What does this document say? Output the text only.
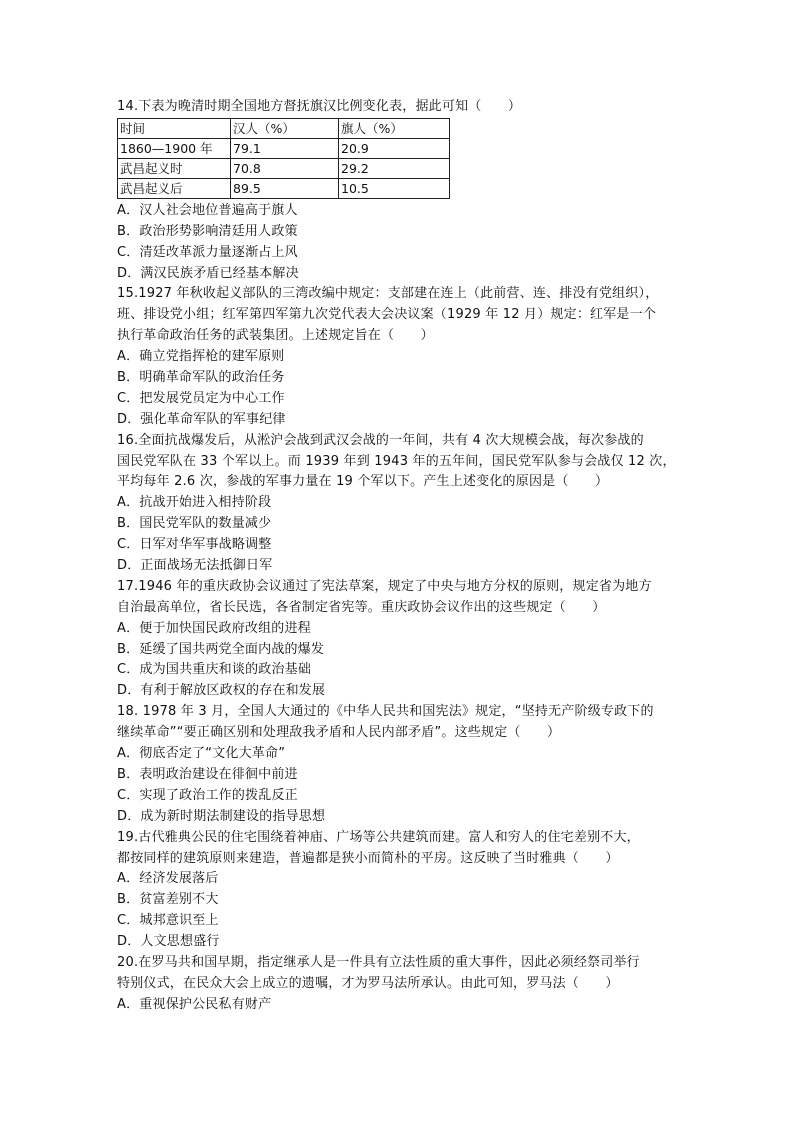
14.下表为晚清时期全国地方督抚旗汉比例变化表，据此可知（　　）
时间	汉人（%）	旗人（%）
1860—1900 年	79.1	20.9
武昌起义时	70.8	29.2
武昌起义后	89.5	10.5
A．汉人社会地位普遍高于旗人
B．政治形势影响清廷用人政策
C．清廷改革派力量逐渐占上风
D．满汉民族矛盾已经基本解决
15.1927 年秋收起义部队的三湾改编中规定：支部建在连上（此前营、连、排没有党组织），
班、排设党小组；红军第四军第九次党代表大会决议案（1929 年 12 月）规定：红军是一个
执行革命政治任务的武装集团。上述规定旨在（　　）
A．确立党指挥枪的建军原则
B．明确革命军队的政治任务
C．把发展党员定为中心工作
D．强化革命军队的军事纪律
16.全面抗战爆发后，从淞沪会战到武汉会战的一年间，共有 4 次大规模会战，每次参战的
国民党军队在 33 个军以上。而 1939 年到 1943 年的五年间，国民党军队参与会战仅 12 次，
平均每年 2.6 次，参战的军事力量在 19 个军以下。产生上述变化的原因是（　　）
A．抗战开始进入相持阶段
B．国民党军队的数量减少
C．日军对华军事战略调整
D．正面战场无法抵御日军
17.1946 年的重庆政协会议通过了宪法草案，规定了中央与地方分权的原则，规定省为地方
自治最高单位，省长民选，各省制定省宪等。重庆政协会议作出的这些规定（　　）
A．便于加快国民政府改组的进程
B．延缓了国共两党全面内战的爆发
C．成为国共重庆和谈的政治基础
D．有利于解放区政权的存在和发展
18. 1978 年 3 月，全国人大通过的《中华人民共和国宪法》规定，“坚持无产阶级专政下的
继续革命”“要正确区别和处理敌我矛盾和人民内部矛盾”。这些规定（　　）
A．彻底否定了“文化大革命”
B．表明政治建设在徘徊中前进
C．实现了政治工作的拨乱反正
D．成为新时期法制建设的指导思想
19.古代雅典公民的住宅围绕着神庙、广场等公共建筑而建。富人和穷人的住宅差别不大，
都按同样的建筑原则来建造，普遍都是狭小而简朴的平房。这反映了当时雅典（　　）
A．经济发展落后
B．贫富差别不大
C．城邦意识至上
D．人文思想盛行
20.在罗马共和国早期，指定继承人是一件具有立法性质的重大事件，因此必须经祭司举行
特别仪式，在民众大会上成立的遗嘱，才为罗马法所承认。由此可知，罗马法（　　）
A．重视保护公民私有财产
